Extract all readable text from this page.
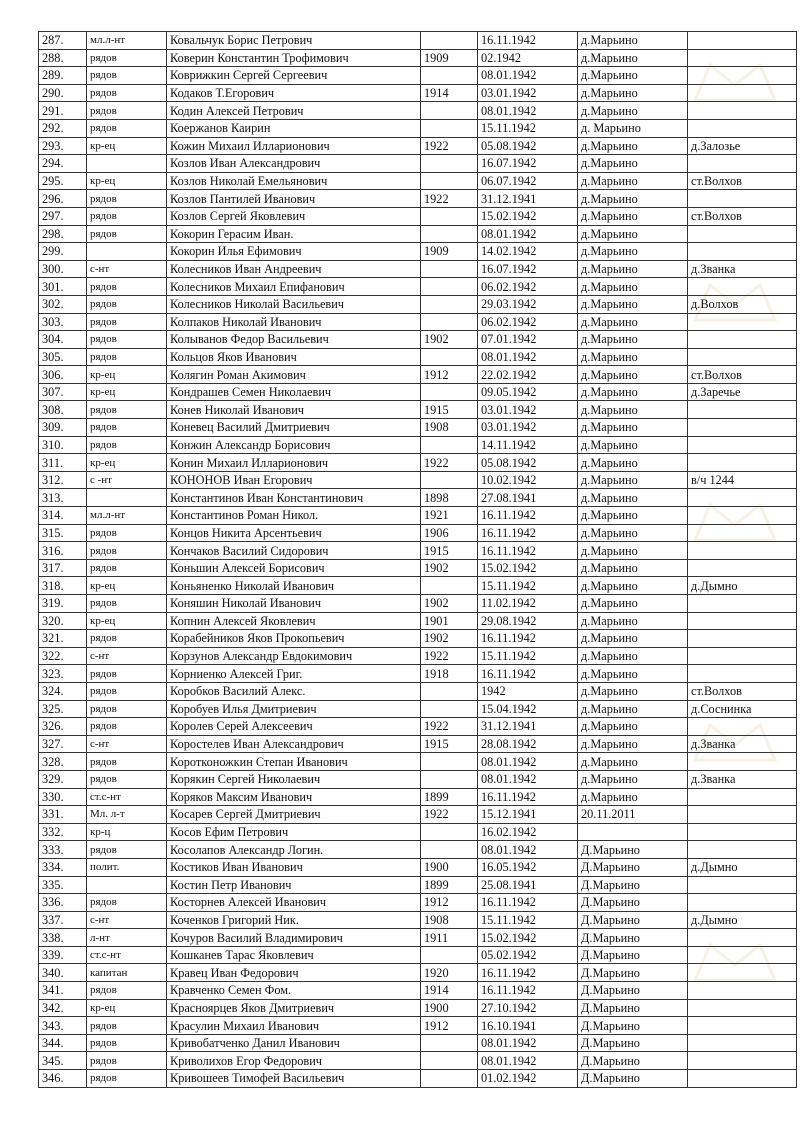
287.	мл.л-нт	Ковальчук Борис Петрович		16.11.1942	д.Марьино	
288.	рядов	Коверин Константин Трофимович	1909	02.1942	д.Марьино	
289.	рядов	Коврижкин Сергей Сергеевич		08.01.1942	д.Марьино	
290.	рядов	Кодаков Т.Егорович	1914	03.01.1942	д.Марьино	
291.	рядов	Кодин Алексей Петрович		08.01.1942	д.Марьино	
292.	рядов	Коержанов Каирин		15.11.1942	д. Марьино	
293.	кр-ец	Кожин Михаил Илларионович	1922	05.08.1942	д.Марьино	д.Залозье
294.		Козлов Иван Александрович		16.07.1942	д.Марьино	
295.	кр-ец	Козлов Николай Емельянович		06.07.1942	д.Марьино	ст.Волхов
296.	рядов	Козлов Пантилей Иванович	1922	31.12.1941	д.Марьино	
297.	рядов	Козлов Сергей Яковлевич		15.02.1942	д.Марьино	ст.Волхов
298.	рядов	Кокорин Герасим Иван.		08.01.1942	д.Марьино	
299.		Кокорин Илья Ефимович	1909	14.02.1942	д.Марьино	
300.	с-нт	Колесников Иван Андреевич		16.07.1942	д.Марьино	д.Званка
301.	рядов	Колесников Михаил Епифанович		06.02.1942	д.Марьино	
302.	рядов	Колесников Николай Васильевич		29.03.1942	д.Марьино	д.Волхов
303.	рядов	Колпаков Николай Иванович		06.02.1942	д.Марьино	
304.	рядов	Колыванов Федор Васильевич	1902	07.01.1942	д.Марьино	
305.	рядов	Кольцов Яков Иванович		08.01.1942	д.Марьино	
306.	кр-ец	Колягин Роман Акимович	1912	22.02.1942	д.Марьино	ст.Волхов
307.	кр-ец	Кондрашев Семен Николаевич		09.05.1942	д.Марьино	д.Заречье
308.	рядов	Конев Николай Иванович	1915	03.01.1942	д.Марьино	
309.	рядов	Коневец Василий Дмитриевич	1908	03.01.1942	д.Марьино	
310.	рядов	Конжин Александр Борисович		14.11.1942	д.Марьино	
311.	кр-ец	Конин Михаил Илларионович	1922	05.08.1942	д.Марьино	
312.	с -нт	КОНОНОВ Иван Егорович		10.02.1942	д.Марьино	в/ч 1244
313.		Константинов Иван Константинович	1898	27.08.1941	д.Марьино	
314.	мл.л-нт	Константинов Роман Никол.	1921	16.11.1942	д.Марьино	
315.	рядов	Концов Никита Арсентьевич	1906	16.11.1942	д.Марьино	
316.	рядов	Кончаков Василий Сидорович	1915	16.11.1942	д.Марьино	
317.	рядов	Коньшин Алексей Борисович	1902	15.02.1942	д.Марьино	
318.	кр-ец	Коньяненко Николай Иванович		15.11.1942	д.Марьино	д.Дымно
319.	рядов	Коняшин Николай Иванович	1902	11.02.1942	д.Марьино	
320.	кр-ец	Копнин Алексей Яковлевич	1901	29.08.1942	д.Марьино	
321.	рядов	Корабейников Яков Прокопьевич	1902	16.11.1942	д.Марьино	
322.	с-нт	Корзунов Александр Евдокимович	1922	15.11.1942	д.Марьино	
323.	рядов	Корниенко Алексей Григ.	1918	16.11.1942	д.Марьино	
324.	рядов	Коробков Василий Алекс.		1942	д.Марьино	ст.Волхов
325.	рядов	Коробуев Илья Дмитриевич		15.04.1942	д.Марьино	д.Соснинка
326.	рядов	Королев Серей Алексеевич	1922	31.12.1941	д.Марьино	
327.	с-нт	Коростелев Иван Александрович	1915	28.08.1942	д.Марьино	д.Званка
328.	рядов	Коротконожкин Степан Иванович		08.01.1942	д.Марьино	
329.	рядов	Корякин Сергей Николаевич		08.01.1942	д.Марьино	д.Званка
330.	ст.с-нт	Коряков Максим Иванович	1899	16.11.1942	д.Марьино	
331.	Мл. л-т	Косарев Сергей Дмитриевич	1922	15.12.1941	20.11.2011	
332.	кр-ц	Косов Ефим Петрович		16.02.1942		
333.	рядов	Косолапов Александр Логин.		08.01.1942	Д.Марьино	
334.	полит.	Костиков Иван Иванович	1900	16.05.1942	Д.Марьино	д.Дымно
335.		Костин Петр Иванович	1899	25.08.1941	Д.Марьино	
336.	рядов	Косторнев Алексей Иванович	1912	16.11.1942	Д.Марьино	
337.	с-нт	Коченков Григорий Ник.	1908	15.11.1942	Д.Марьино	д.Дымно
338.	л-нт	Кочуров Василий Владимирович	1911	15.02.1942	Д.Марьино	
339.	ст.с-нт	Кошканев Тарас Яковлевич		05.02.1942	Д.Марьино	
340.	капитан	Кравец Иван Федорович	1920	16.11.1942	Д.Марьино	
341.	рядов	Кравченко Семен Фом.	1914	16.11.1942	Д.Марьино	
342.	кр-ец	Красноярцев Яков Дмитриевич	1900	27.10.1942	Д.Марьино	
343.	рядов	Красулин Михаил Иванович	1912	16.10.1941	Д.Марьино	
344.	рядов	Кривобатченко Данил Иванович		08.01.1942	Д.Марьино	
345.	рядов	Криволихов Егор Федорович		08.01.1942	Д.Марьино	
346.	рядов	Кривошеев Тимофей Васильевич		01.02.1942	Д.Марьино	
